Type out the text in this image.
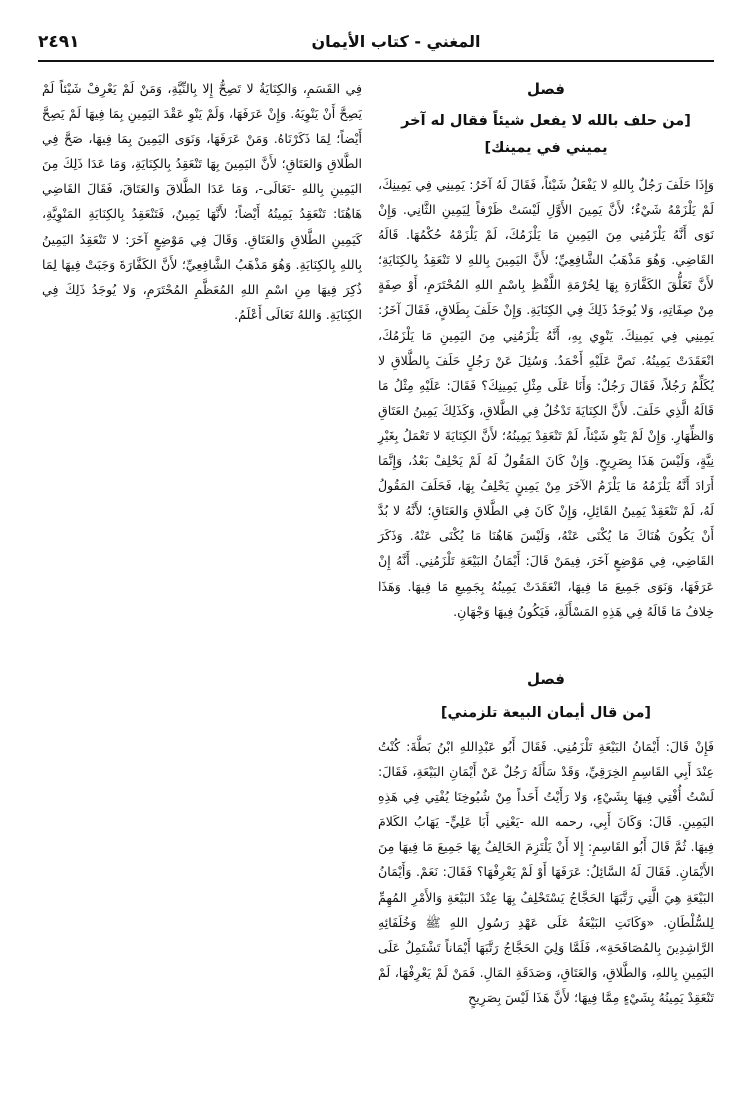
٢٤٩١	المغني - كتاب الأيمان
فصل
[من حلف بالله لا يفعل شيئاً فقال له آخر يميني في يمينك]
وَإِذَا حَلَفَ رَجُلٌ بِاللهِ لا يَفْعَلُ شَيْئاً، فَقَالَ لَهُ آخَرُ: يَمِينِي فِي يَمِينِكَ، لَمْ يَلْزَمْهُ شَيْءٌ؛ لأَنَّ يَمِينَ الأَوَّلِ لَيْسَتْ ظَرْفاً لِيَمِينِ الثَّانِي. وَإِنْ نَوَى أَنَّهُ يَلْزَمُنِي مِنَ اليَمِينِ مَا يَلْزَمُكَ، لَمْ يَلْزَمْهُ حُكْمُهَا. قَالَهُ القَاضِي. وَهُوَ مَذْهَبُ الشَّافِعِيِّ؛ لأَنَّ اليَمِينَ بِاللهِ لا تَنْعَقِدُ بِالكِنَايَةِ؛ لأَنَّ تَعَلُّقَ الكَفَّارَةِ بِهَا لِحُرْمَةِ اللَّفْظِ بِاسْمِ اللهِ المُحْتَرَمِ، أَوْ صِفَةٍ مِنْ صِفَاتِهِ، وَلا يُوجَدُ ذَلِكَ فِي الكِنَايَةِ. وَإِنْ حَلَفَ بِطَلاقٍ، فَقَالَ آخَرُ: يَمِينِي فِي يَمِينِكَ. يَنْوِي بِهِ، أَنَّهُ يَلْزَمُنِي مِنَ اليَمِينِ مَا يَلْزَمُكَ، انْعَقَدَتْ يَمِينُهُ. نَصَّ عَلَيْهِ أَحْمَدُ. وَسُئِلَ عَنْ رَجُلٍ حَلَفَ بِالطَّلاقِ لا يُكَلِّمُ رَجُلاً، فَقَالَ رَجُلٌ: وَأَنَا عَلَى مِثْلِ يَمِينِكَ؟ فَقَالَ: عَلَيْهِ مِثْلُ مَا قَالَهُ الَّذِي حَلَفَ. لأَنَّ الكِنَايَةَ تَدْخُلُ فِي الطَّلاقِ، وَكَذَلِكَ يَمِينُ العَتَاقِ وَالظِّهَارِ. وَإِنْ لَمْ يَنْوِ شَيْئاً، لَمْ تَنْعَقِدْ يَمِينُهُ؛ لأَنَّ الكِنَايَةَ لا تَعْمَلُ بِغَيْرِ نِيَّةٍ، وَلَيْسَ هَذَا بِصَرِيحٍ. وَإِنْ كَانَ المَقُولُ لَهُ لَمْ يَحْلِفْ بَعْدُ، وَإِنَّمَا أَرَادَ أَنَّهُ يَلْزَمُهُ مَا يَلْزَمُ الآخَرَ مِنْ يَمِينٍ يَحْلِفُ بِهَا، فَحَلَفَ المَقُولُ لَهُ، لَمْ تَنْعَقِدْ يَمِينُ القَائِلِ، وَإِنْ كَانَ فِي الطَّلاقِ وَالعَتَاقِ؛ لأَنَّهُ لا بُدَّ أَنْ يَكُونَ هُنَاكَ مَا يُكْنَى عَنْهُ، وَلَيْسَ هَاهُنَا مَا يُكْنَى عَنْهُ. وَذَكَرَ القَاضِي، فِي مَوْضِعٍ آخَرَ، فِيمَنْ قَالَ: أَيْمَانُ البَيْعَةِ تَلْزَمُنِي. أَنَّهُ إِنْ عَرَفَهَا، وَنَوَى جَمِيعَ مَا فِيهَا، انْعَقَدَتْ يَمِينُهُ بِجَمِيعِ مَا فِيهَا. وَهَذَا خِلافُ مَا قَالَهُ فِي هَذِهِ المَسْأَلَةِ، فَيَكُونُ فِيهَا وَجْهَانِ.
فصل
[من قال أيمان البيعة تلزمني]
فَإِنْ قَالَ: أَيْمَانُ البَيْعَةِ تَلْزَمُنِي. فَقَالَ أَبُو عَبْدِاللهِ ابْنُ بَطَّةَ: كُنْتُ عِنْدَ أَبِي القَاسِمِ الخِرَقِيِّ، وَقَدْ سَأَلَهُ رَجُلٌ عَنْ أَيْمَانِ البَيْعَةِ، فَقَالَ: لَسْتُ أُفْتِي فِيهَا بِشَيْءٍ، وَلا رَأَيْتُ أَحَداً مِنْ شُيُوخِنَا يُفْتِي فِي هَذِهِ اليَمِينِ. قَالَ: وَكَانَ أَبِي، رحمه الله -يَعْنِي أَبَا عَلِيٍّ- يَهَابُ الكَلامَ فِيهَا. ثُمَّ قَالَ أَبُو القَاسِمِ: إِلا أَنْ يَلْتَزِمَ الحَالِفُ بِهَا جَمِيعَ مَا فِيهَا مِنَ الأَيْمَانِ. فَقَالَ لَهُ السَّائِلُ: عَرَفَهَا أَوْ لَمْ يَعْرِفْهَا؟ فَقَالَ: نَعَمْ. وَأَيْمَانُ البَيْعَةِ هِيَ الَّتِي رَتَّبَهَا الحَجَّاجُ يَسْتَحْلِفُ بِهَا عِنْدَ البَيْعَةِ وَالأَمْرِ المُهِمِّ لِلسُّلْطَانِ. «وَكَانَتِ البَيْعَةُ عَلَى عَهْدِ رَسُولِ اللهِ ﷺ وَخُلَفَائِهِ الرَّاشِدِينَ بِالمُصَافَحَةِ»، فَلَمَّا وَلِيَ الحَجَّاجُ رَتَّبَهَا أَيْمَاناً تَشْتَمِلُ عَلَى اليَمِينِ بِاللهِ، وَالطَّلاقِ، وَالعَتَاقِ، وَصَدَقَةِ المَالِ. فَمَنْ لَمْ يَعْرِفْهَا، لَمْ تَنْعَقِدْ يَمِينُهُ بِشَيْءٍ مِمَّا فِيهَا؛ لأَنَّ هَذَا لَيْسَ بِصَرِيحٍ
فِي القَسَمِ، وَالكِنَايَةُ لا تَصِحُّ إِلا بِالنِّيَّةِ، وَمَنْ لَمْ يَعْرِفْ شَيْئاً لَمْ يَصِحَّ أَنْ يَنْوِيَهُ. وَإِنْ عَرَفَهَا، وَلَمْ يَنْوِ عَقْدَ اليَمِينِ بِمَا فِيهَا لَمْ يَصِحَّ أَيْضاً؛ لِمَا ذَكَرْنَاهُ. وَمَنْ عَرَفَهَا، وَنَوَى اليَمِينَ بِمَا فِيهَا، صَحَّ فِي الطَّلاقِ وَالعَتَاقِ؛ لأَنَّ اليَمِينَ بِهَا تَنْعَقِدُ بِالكِنَايَةِ، وَمَا عَدَا ذَلِكَ مِنَ اليَمِينِ بِاللهِ -تَعَالَى-، وَمَا عَدَا الطَّلاقَ وَالعَتَاقَ، فَقَالَ القَاضِي هَاهُنَا: تَنْعَقِدُ يَمِينُهُ أَيْضاً؛ لأَنَّهَا يَمِينٌ، فَتَنْعَقِدُ بِالكِنَايَةِ المَنْوِيَّةِ، كَيَمِينِ الطَّلاقِ وَالعَتَاقِ. وَقَالَ فِي مَوْضِعٍ آخَرَ: لا تَنْعَقِدُ اليَمِينُ بِاللهِ بِالكِنَايَةِ. وَهُوَ مَذْهَبُ الشَّافِعِيِّ؛ لأَنَّ الكَفَّارَةَ وَجَبَتْ فِيهَا لِمَا ذُكِرَ فِيهَا مِنِ اسْمِ اللهِ المُعَظَّمِ المُحْتَرَمِ، وَلا يُوجَدُ ذَلِكَ فِي الكِنَايَةِ. وَاللهُ تَعَالَى أَعْلَمُ.
